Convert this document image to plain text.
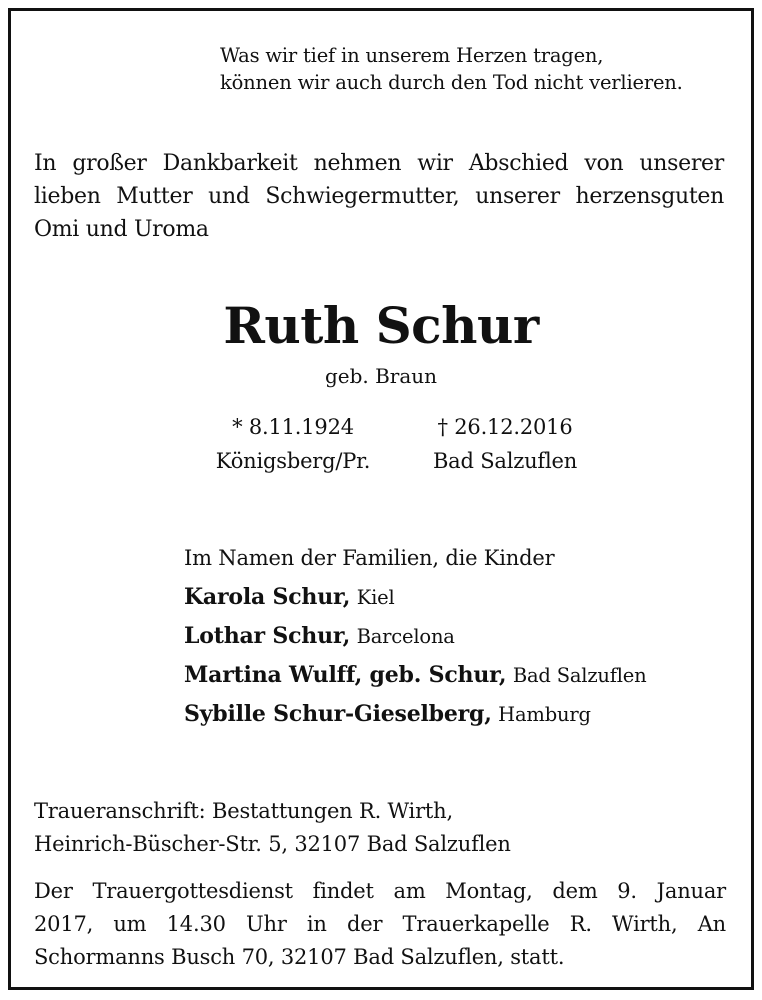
Was wir tief in unserem Herzen tragen,
können wir auch durch den Tod nicht verlieren.
In großer Dankbarkeit nehmen wir Abschied von unserer
lieben Mutter und Schwiegermutter, unserer herzensguten
Omi und Uroma
Ruth Schur
geb. Braun
* 8.11.1924
Königsberg/Pr.
† 26.12.2016
Bad Salzuflen
Im Namen der Familien, die Kinder
Karola Schur, Kiel
Lothar Schur, Barcelona
Martina Wulff, geb. Schur, Bad Salzuflen
Sybille Schur-Gieselberg, Hamburg
Traueranschrift: Bestattungen R. Wirth,
Heinrich-Büscher-Str. 5, 32107 Bad Salzuflen
Der Trauergottesdienst findet am Montag, dem 9. Januar
2017, um 14.30 Uhr in der Trauerkapelle R. Wirth, An
Schormanns Busch 70, 32107 Bad Salzuflen, statt.
